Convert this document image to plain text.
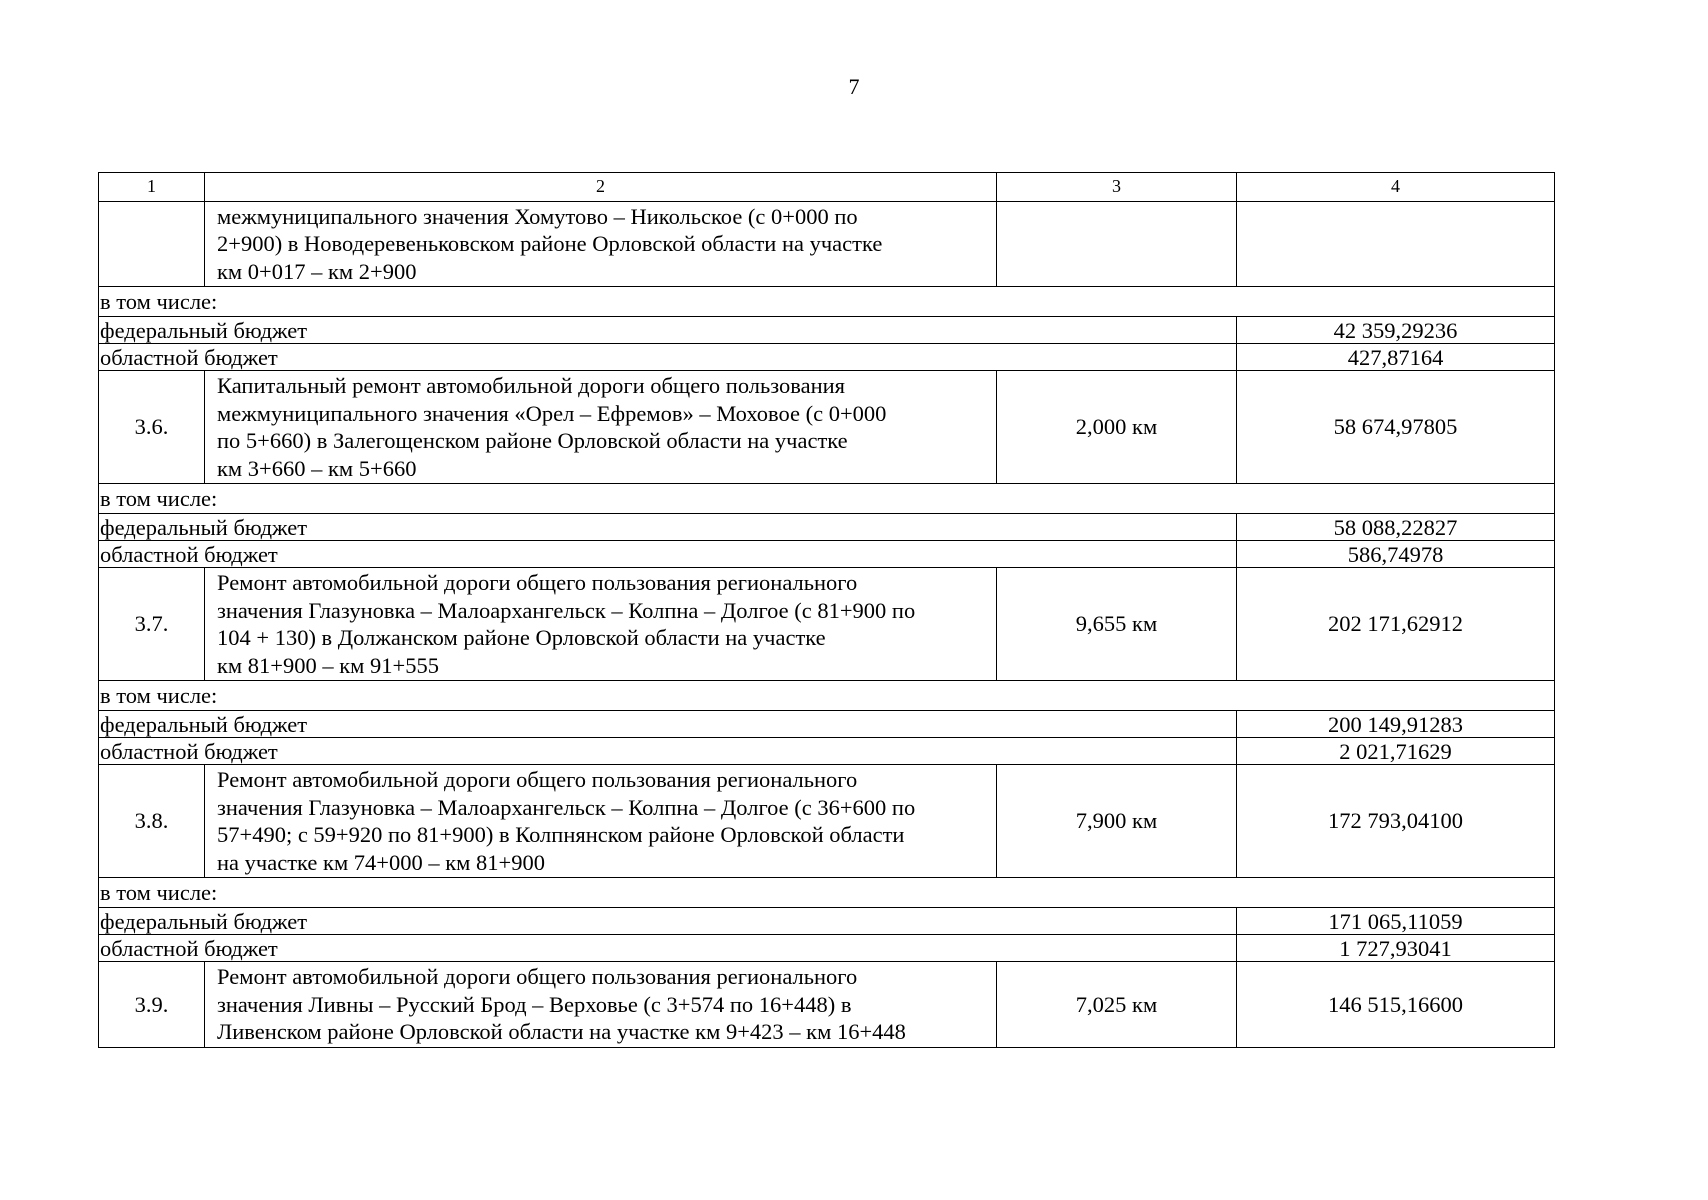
7
1	2	3	4

	межмуниципального значения Хомутово – Никольское (с 0+000 по
2+900) в Новодеревеньковском районе Орловской области на участке
км 0+017 – км 2+900		

в том числе:			
федеральный бюджет			42 359,29236
областной бюджет			427,87164
3.6.	Капитальный ремонт автомобильной дороги общего пользования
межмуниципального значения «Орел – Ефремов» – Моховое (с 0+000
по 5+660) в Залегощенском районе Орловской области на участке
км 3+660 – км 5+660	2,000 км	58 674,97805
в том числе:			
федеральный бюджет			58 088,22827
областной бюджет			586,74978
3.7.	Ремонт автомобильной дороги общего пользования регионального
значения Глазуновка – Малоархангельск – Колпна – Долгое (с 81+900 по
104 + 130) в Должанском районе Орловской области на участке
км 81+900 – км 91+555	9,655 км	202 171,62912
в том числе:			
федеральный бюджет			200 149,91283
областной бюджет			2 021,71629
3.8.	Ремонт автомобильной дороги общего пользования регионального
значения Глазуновка – Малоархангельск – Колпна – Долгое (с 36+600 по
57+490; с 59+920 по 81+900) в Колпнянском районе Орловской области
на участке км 74+000 – км 81+900	7,900 км	172 793,04100
в том числе:			
федеральный бюджет			171 065,11059
областной бюджет			1 727,93041
3.9.	Ремонт автомобильной дороги общего пользования регионального
значения Ливны – Русский Брод – Верховье (с 3+574 по 16+448) в
Ливенском районе Орловской области на участке км 9+423 – км 16+448	7,025 км	146 515,16600
